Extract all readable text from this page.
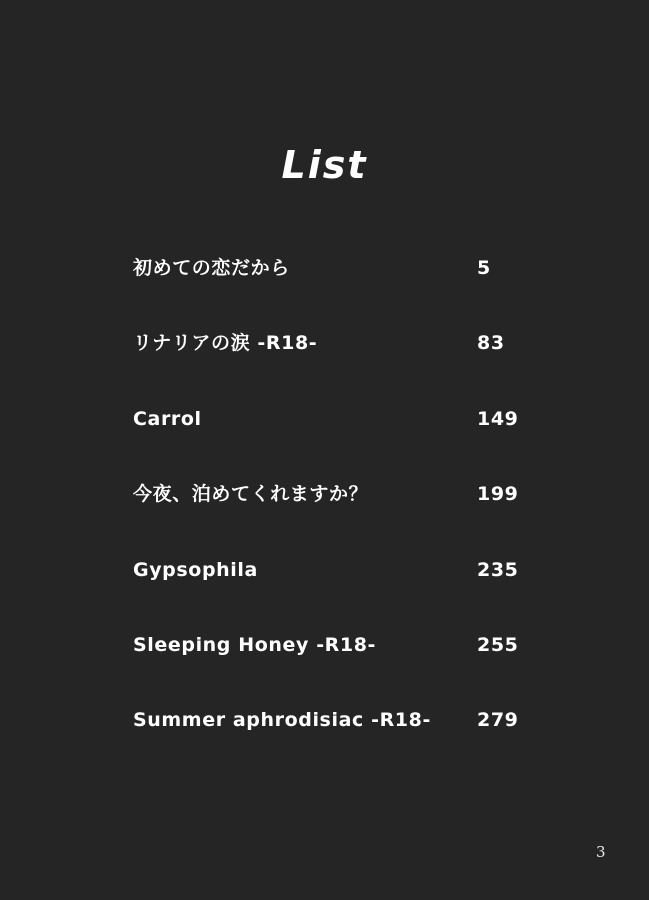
List
初めての恋だから	5
リナリアの涙 -R18-	83
Carrol	149
今夜、泊めてくれますか？	199
Gypsophila	235
Sleeping Honey -R18-	255
Summer aphrodisiac -R18- 279
3
